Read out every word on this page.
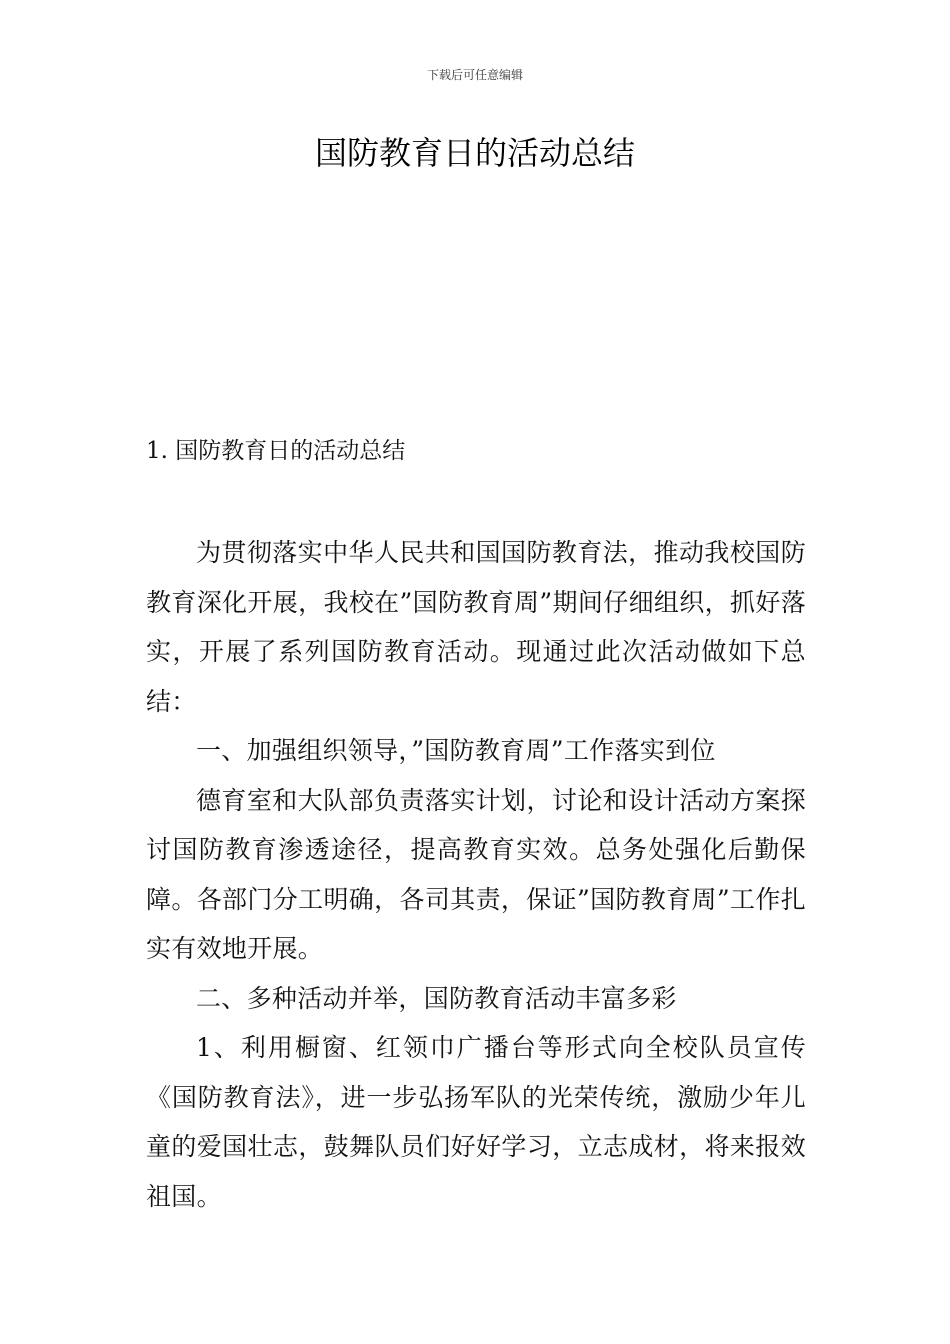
下载后可任意编辑
国防教育日的活动总结
1. 国防教育日的活动总结

为贯彻落实中华人民共和国国防教育法，推动我校国防教育深化开展，我校在”国防教育周”期间仔细组织，抓好落实，开展了系列国防教育活动。现通过此次活动做如下总结：

一、加强组织领导，”国防教育周”工作落实到位

德育室和大队部负责落实计划，讨论和设计活动方案探讨国防教育渗透途径，提高教育实效。总务处强化后勤保障。各部门分工明确，各司其责，保证”国防教育周”工作扎实有效地开展。

二、多种活动并举，国防教育活动丰富多彩

1、利用橱窗、红领巾广播台等形式向全校队员宣传《国防教育法》，进一步弘扬军队的光荣传统，激励少年儿童的爱国壮志，鼓舞队员们好好学习，立志成材，将来报效祖国。
